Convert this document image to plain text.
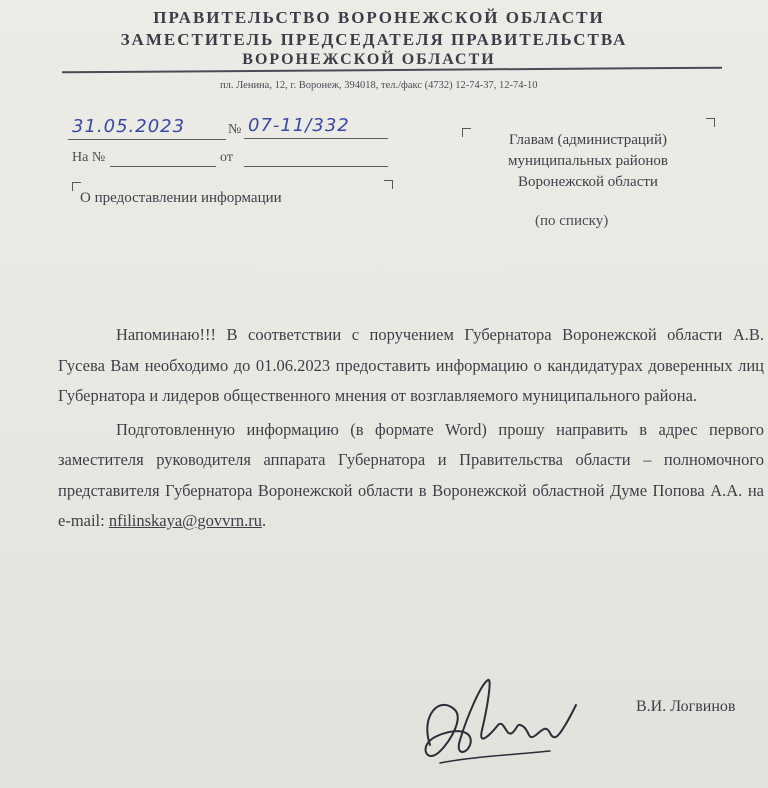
ПРАВИТЕЛЬСТВО ВОРОНЕЖСКОЙ ОБЛАСТИ
ЗАМЕСТИТЕЛЬ ПРЕДСЕДАТЕЛЯ ПРАВИТЕЛЬСТВА
ВОРОНЕЖСКОЙ ОБЛАСТИ
пл. Ленина, 12, г. Воронеж, 394018, тел./факс (4732) 12-74-37, 12-74-10
31.05.2023	№ 07-11/332
На №	от
О предоставлении информации
Главам (администраций)
муниципальных районов
Воронежской области
(по списку)

Напоминаю!!! В соответствии с поручением Губернатора Воронежской области А.В. Гусева Вам необходимо до 01.06.2023 предоставить информацию о кандидатурах доверенных лиц Губернатора и лидеров общественного мнения от возглавляемого муниципального района.

Подготовленную информацию (в формате Word) прошу направить в адрес первого заместителя руководителя аппарата Губернатора и Правительства области – полномочного представителя Губернатора Воронежской области в Воронежской областной Думе Попова А.А. на e-mail: nfilinskaya@govvrn.ru.

В.И. Логвинов
